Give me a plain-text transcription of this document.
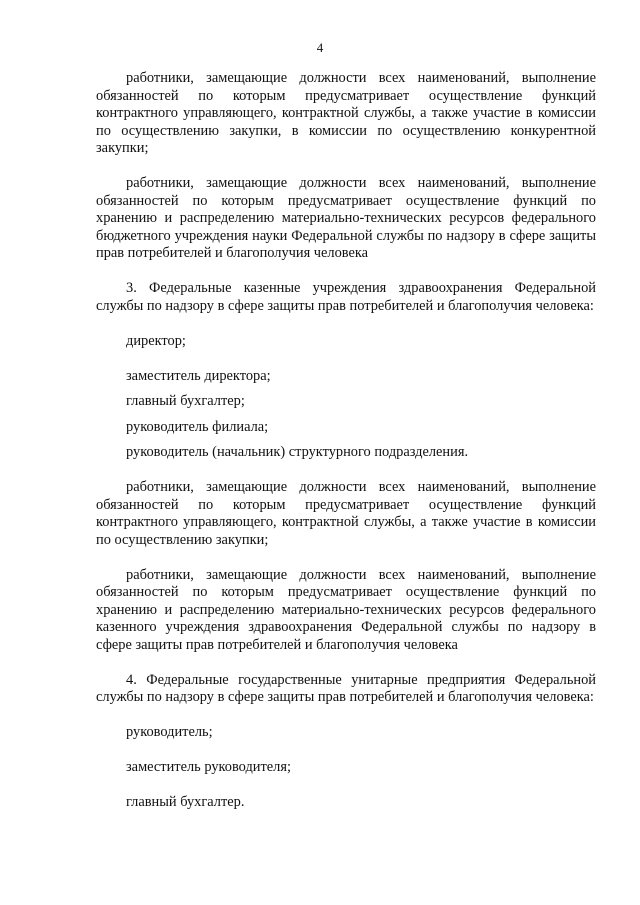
4

работники, замещающие должности всех наименований, выполнение обязанностей по которым предусматривает осуществление функций контрактного управляющего, контрактной службы, а также участие в комиссии по осуществлению закупки, в комиссии по осуществлению конкурентной закупки;

работники, замещающие должности всех наименований, выполнение обязанностей по которым предусматривает осуществление функций по хранению и распределению материально-технических ресурсов федерального бюджетного учреждения науки Федеральной службы по надзору в сфере защиты прав потребителей и благополучия человека

3. Федеральные казенные учреждения здравоохранения Федеральной службы по надзору в сфере защиты прав потребителей и благополучия человека:

директор;

заместитель директора;

главный бухгалтер;

руководитель филиала;

руководитель (начальник) структурного подразделения.

работники, замещающие должности всех наименований, выполнение обязанностей по которым предусматривает осуществление функций контрактного управляющего, контрактной службы, а также участие в комиссии по осуществлению закупки;

работники, замещающие должности всех наименований, выполнение обязанностей по которым предусматривает осуществление функций по хранению и распределению материально-технических ресурсов федерального казенного учреждения здравоохранения Федеральной службы по надзору в сфере защиты прав потребителей и благополучия человека

4. Федеральные государственные унитарные предприятия Федеральной службы по надзору в сфере защиты прав потребителей и благополучия человека:

руководитель;

заместитель руководителя;

главный бухгалтер.
